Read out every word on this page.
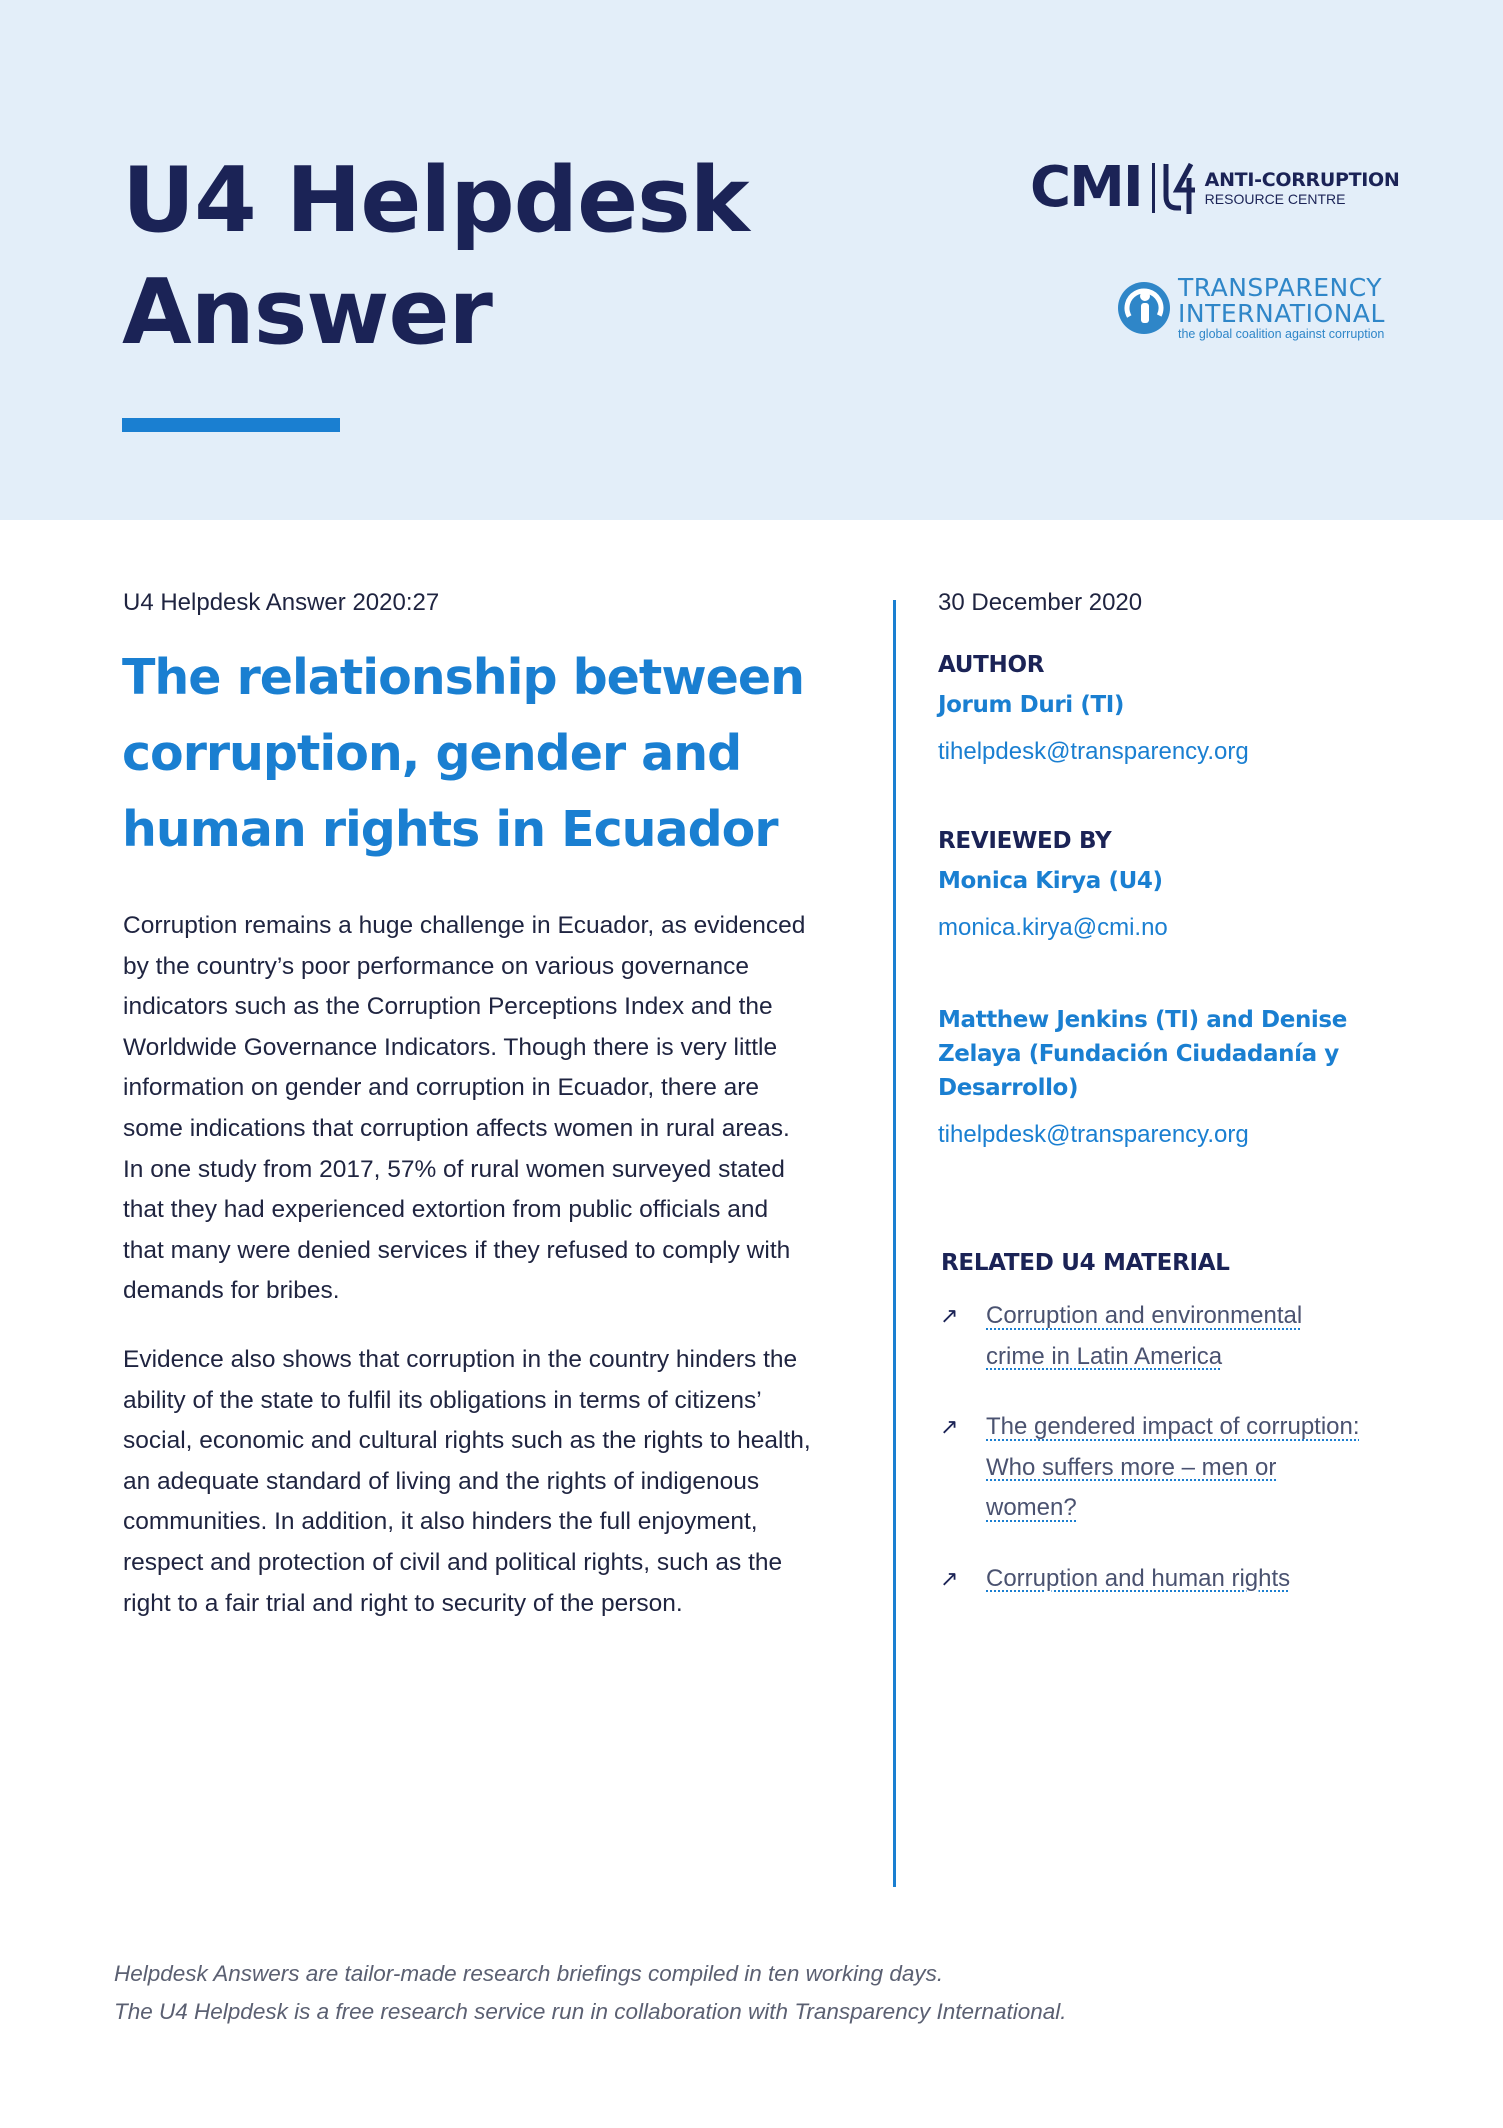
U4 Helpdesk
Answer
CMI	ANTI-CORRUPTION
RESOURCE CENTRE
TRANSPARENCY
INTERNATIONAL
the global coalition against corruption
U4 Helpdesk Answer 2020:27
The relationship between corruption, gender and human rights in Ecuador

Corruption remains a huge challenge in Ecuador, as evidenced by the country’s poor performance on various governance indicators such as the Corruption Perceptions Index and the Worldwide Governance Indicators. Though there is very little information on gender and corruption in Ecuador, there are some indications that corruption affects women in rural areas. In one study from 2017, 57% of rural women surveyed stated that they had experienced extortion from public officials and that many were denied services if they refused to comply with demands for bribes.

Evidence also shows that corruption in the country hinders the ability of the state to fulfil its obligations in terms of citizens’ social, economic and cultural rights such as the rights to health, an adequate standard of living and the rights of indigenous communities. In addition, it also hinders the full enjoyment, respect and protection of civil and political rights, such as the right to a fair trial and right to security of the person.

30 December 2020
AUTHOR
Jorum Duri (TI)
tihelpdesk@transparency.org
REVIEWED BY
Monica Kirya (U4)
monica.kirya@cmi.no
Matthew Jenkins (TI) and Denise Zelaya (Fundación Ciudadanía y Desarrollo)
tihelpdesk@transparency.org
RELATED U4 MATERIAL
↗	Corruption and environmental crime in Latin America
↗	The gendered impact of corruption: Who suffers more – men or women?
↗	Corruption and human rights
Helpdesk Answers are tailor-made research briefings compiled in ten working days.
The U4 Helpdesk is a free research service run in collaboration with Transparency International.
